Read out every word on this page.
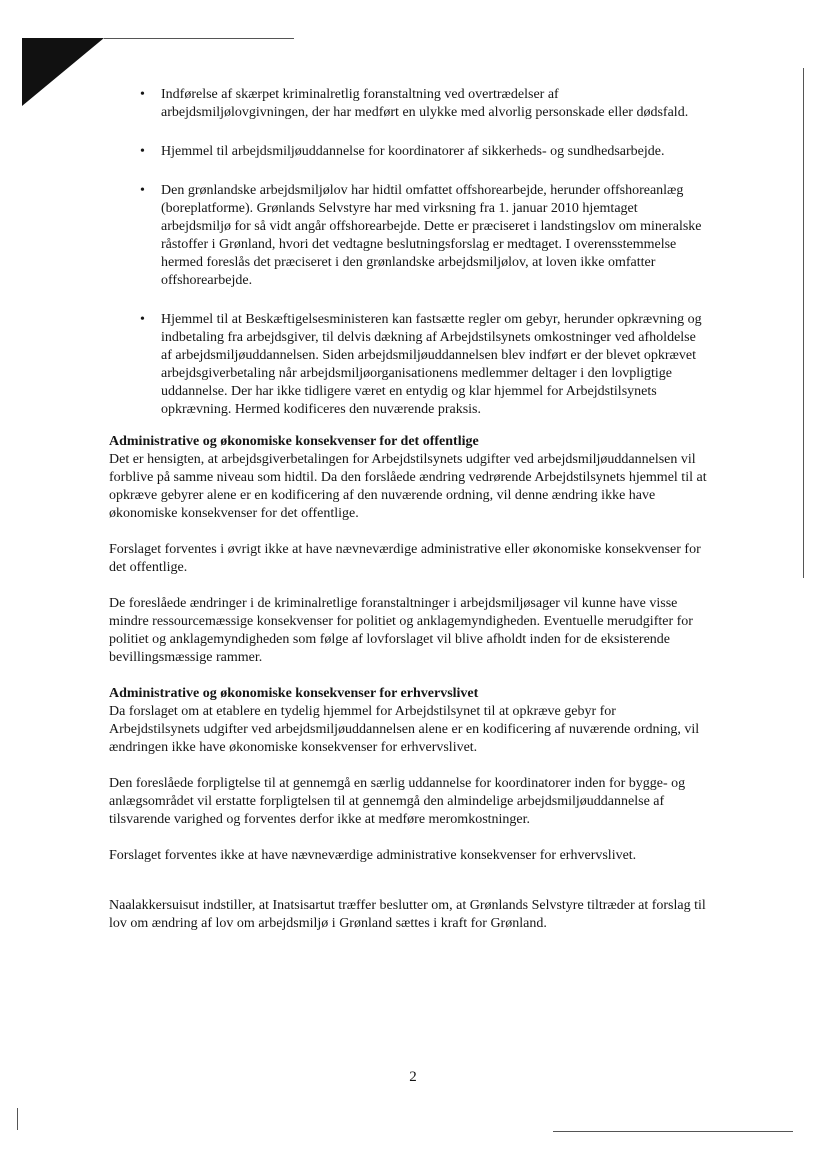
• Indførelse af skærpet kriminalretlig foranstaltning ved overtrædelser af arbejdsmiljølovgivningen, der har medført en ulykke med alvorlig personskade eller dødsfald.
• Hjemmel til arbejdsmiljøuddannelse for koordinatorer af sikkerheds- og sundhedsarbejde.
• Den grønlandske arbejdsmiljølov har hidtil omfattet offshorearbejde, herunder offshoreanlæg (boreplatforme). Grønlands Selvstyre har med virksning fra 1. januar 2010 hjemtaget arbejdsmiljø for så vidt angår offshorearbejde. Dette er præciseret i landstingslov om mineralske råstoffer i Grønland, hvori det vedtagne beslutningsforslag er medtaget. I overensstemmelse hermed foreslås det præciseret i den grønlandske arbejdsmiljølov, at loven ikke omfatter offshorearbejde.
• Hjemmel til at Beskæftigelsesministeren kan fastsætte regler om gebyr, herunder opkrævning og indbetaling fra arbejdsgiver, til delvis dækning af Arbejdstilsynets omkostninger ved afholdelse af arbejdsmiljøuddannelsen. Siden arbejdsmiljøuddannelsen blev indført er der blevet opkrævet arbejdsgiverbetaling når arbejdsmiljøorganisationens medlemmer deltager i den lovpligtige uddannelse. Der har ikke tidligere været en entydig og klar hjemmel for Arbejdstilsynets opkrævning. Hermed kodificeres den nuværende praksis.

Administrative og økonomiske konsekvenser for det offentlige

Det er hensigten, at arbejdsgiverbetalingen for Arbejdstilsynets udgifter ved arbejdsmiljøuddannelsen vil forblive på samme niveau som hidtil. Da den forslåede ændring vedrørende Arbejdstilsynets hjemmel til at opkræve gebyrer alene er en kodificering af den nuværende ordning, vil denne ændring ikke have økonomiske konsekvenser for det offentlige.

Forslaget forventes i øvrigt ikke at have nævneværdige administrative eller økonomiske konsekvenser for det offentlige.

De foreslåede ændringer i de kriminalretlige foranstaltninger i arbejdsmiljøsager vil kunne have visse mindre ressourcemæssige konsekvenser for politiet og anklagemyndigheden. Eventuelle merudgifter for politiet og anklagemyndigheden som følge af lovforslaget vil blive afholdt inden for de eksisterende bevillingsmæssige rammer.

Administrative og økonomiske konsekvenser for erhvervslivet

Da forslaget om at etablere en tydelig hjemmel for Arbejdstilsynet til at opkræve gebyr for Arbejdstilsynets udgifter ved arbejdsmiljøuddannelsen alene er en kodificering af nuværende ordning, vil ændringen ikke have økonomiske konsekvenser for erhvervslivet.

Den foreslåede forpligtelse til at gennemgå en særlig uddannelse for koordinatorer inden for bygge- og anlægsområdet vil erstatte forpligtelsen til at gennemgå den almindelige arbejdsmiljøuddannelse af tilsvarende varighed og forventes derfor ikke at medføre meromkostninger.

Forslaget forventes ikke at have nævneværdige administrative konsekvenser for erhvervslivet.

Naalakkersuisut indstiller, at Inatsisartut træffer beslutter om, at Grønlands Selvstyre tiltræder at forslag til lov om ændring af lov om arbejdsmiljø i Grønland sættes i kraft for Grønland.

2
